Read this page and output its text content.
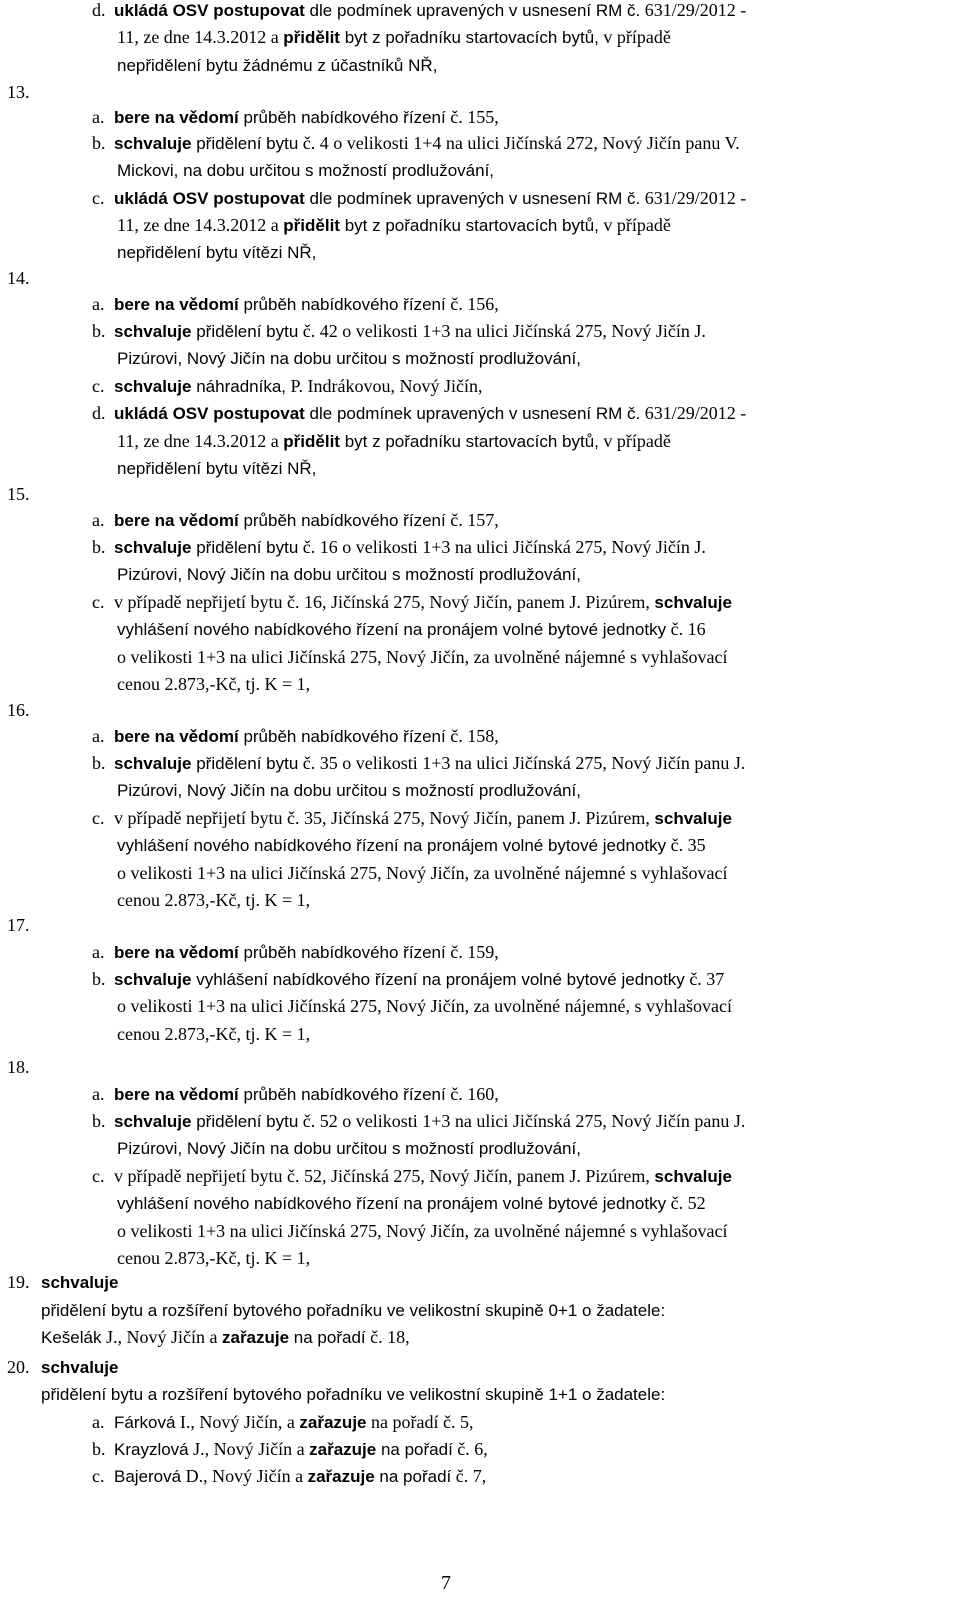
13.
14.
15.
16.
17.
18.
19.
20.
d. ukládá OSV postupovat dle podmínek upravených v usnesení RM č. 631/29/2012 -
11, ze dne 14.3.2012 a přidělit byt z pořadníku startovacích bytů, v případě
nepřidělení bytu žádnému z účastníků NŘ,
a. bere na vědomí průběh nabídkového řízení č. 155,
b. schvaluje přidělení bytu č. 4 o velikosti 1+4 na ulici Jičínská 272, Nový Jičín panu V.
Mickovi, na dobu určitou s možností prodlužování,
c. ukládá OSV postupovat dle podmínek upravených v usnesení RM č. 631/29/2012 -
11, ze dne 14.3.2012 a přidělit byt z pořadníku startovacích bytů, v případě
nepřidělení bytu vítězi NŘ,
a. bere na vědomí průběh nabídkového řízení č. 156,
b. schvaluje přidělení bytu č. 42 o velikosti 1+3 na ulici Jičínská 275, Nový Jičín J.
Pizúrovi, Nový Jičín na dobu určitou s možností prodlužování,
c. schvaluje náhradníka, P. Indrákovou, Nový Jičín,
d. ukládá OSV postupovat dle podmínek upravených v usnesení RM č. 631/29/2012 -
11, ze dne 14.3.2012 a přidělit byt z pořadníku startovacích bytů, v případě
nepřidělení bytu vítězi NŘ,
a. bere na vědomí průběh nabídkového řízení č. 157,
b. schvaluje přidělení bytu č. 16 o velikosti 1+3 na ulici Jičínská 275, Nový Jičín J.
Pizúrovi, Nový Jičín na dobu určitou s možností prodlužování,
c. v případě nepřijetí bytu č. 16, Jičínská 275, Nový Jičín, panem J. Pizúrem, schvaluje
vyhlášení nového nabídkového řízení na pronájem volné bytové jednotky č. 16
o velikosti 1+3 na ulici Jičínská 275, Nový Jičín, za uvolněné nájemné s vyhlašovací
cenou 2.873,-Kč, tj. K = 1,
a. bere na vědomí průběh nabídkového řízení č. 158,
b. schvaluje přidělení bytu č. 35 o velikosti 1+3 na ulici Jičínská 275, Nový Jičín panu J.
Pizúrovi, Nový Jičín na dobu určitou s možností prodlužování,
c. v případě nepřijetí bytu č. 35, Jičínská 275, Nový Jičín, panem J. Pizúrem, schvaluje
vyhlášení nového nabídkového řízení na pronájem volné bytové jednotky č. 35
o velikosti 1+3 na ulici Jičínská 275, Nový Jičín, za uvolněné nájemné s vyhlašovací
cenou 2.873,-Kč, tj. K = 1,
a. bere na vědomí průběh nabídkového řízení č. 159,
b. schvaluje vyhlášení nabídkového řízení na pronájem volné bytové jednotky č. 37
o velikosti 1+3 na ulici Jičínská 275, Nový Jičín, za uvolněné nájemné, s vyhlašovací
cenou 2.873,-Kč, tj. K = 1,
a. bere na vědomí průběh nabídkového řízení č. 160,
b. schvaluje přidělení bytu č. 52 o velikosti 1+3 na ulici Jičínská 275, Nový Jičín panu J.
Pizúrovi, Nový Jičín na dobu určitou s možností prodlužování,
c. v případě nepřijetí bytu č. 52, Jičínská 275, Nový Jičín, panem J. Pizúrem, schvaluje
vyhlášení nového nabídkového řízení na pronájem volné bytové jednotky č. 52
o velikosti 1+3 na ulici Jičínská 275, Nový Jičín, za uvolněné nájemné s vyhlašovací
cenou 2.873,-Kč, tj. K = 1,
schvaluje
přidělení bytu a rozšíření bytového pořadníku ve velikostní skupině 0+1 o žadatele:
Kešelák J., Nový Jičín a zařazuje na pořadí č. 18,
schvaluje
přidělení bytu a rozšíření bytového pořadníku ve velikostní skupině 1+1 o žadatele:
a. Fárková I., Nový Jičín, a zařazuje na pořadí č. 5,
b. Krayzlová J., Nový Jičín a zařazuje na pořadí č. 6,
c. Bajerová D., Nový Jičín a zařazuje na pořadí č. 7,
7
